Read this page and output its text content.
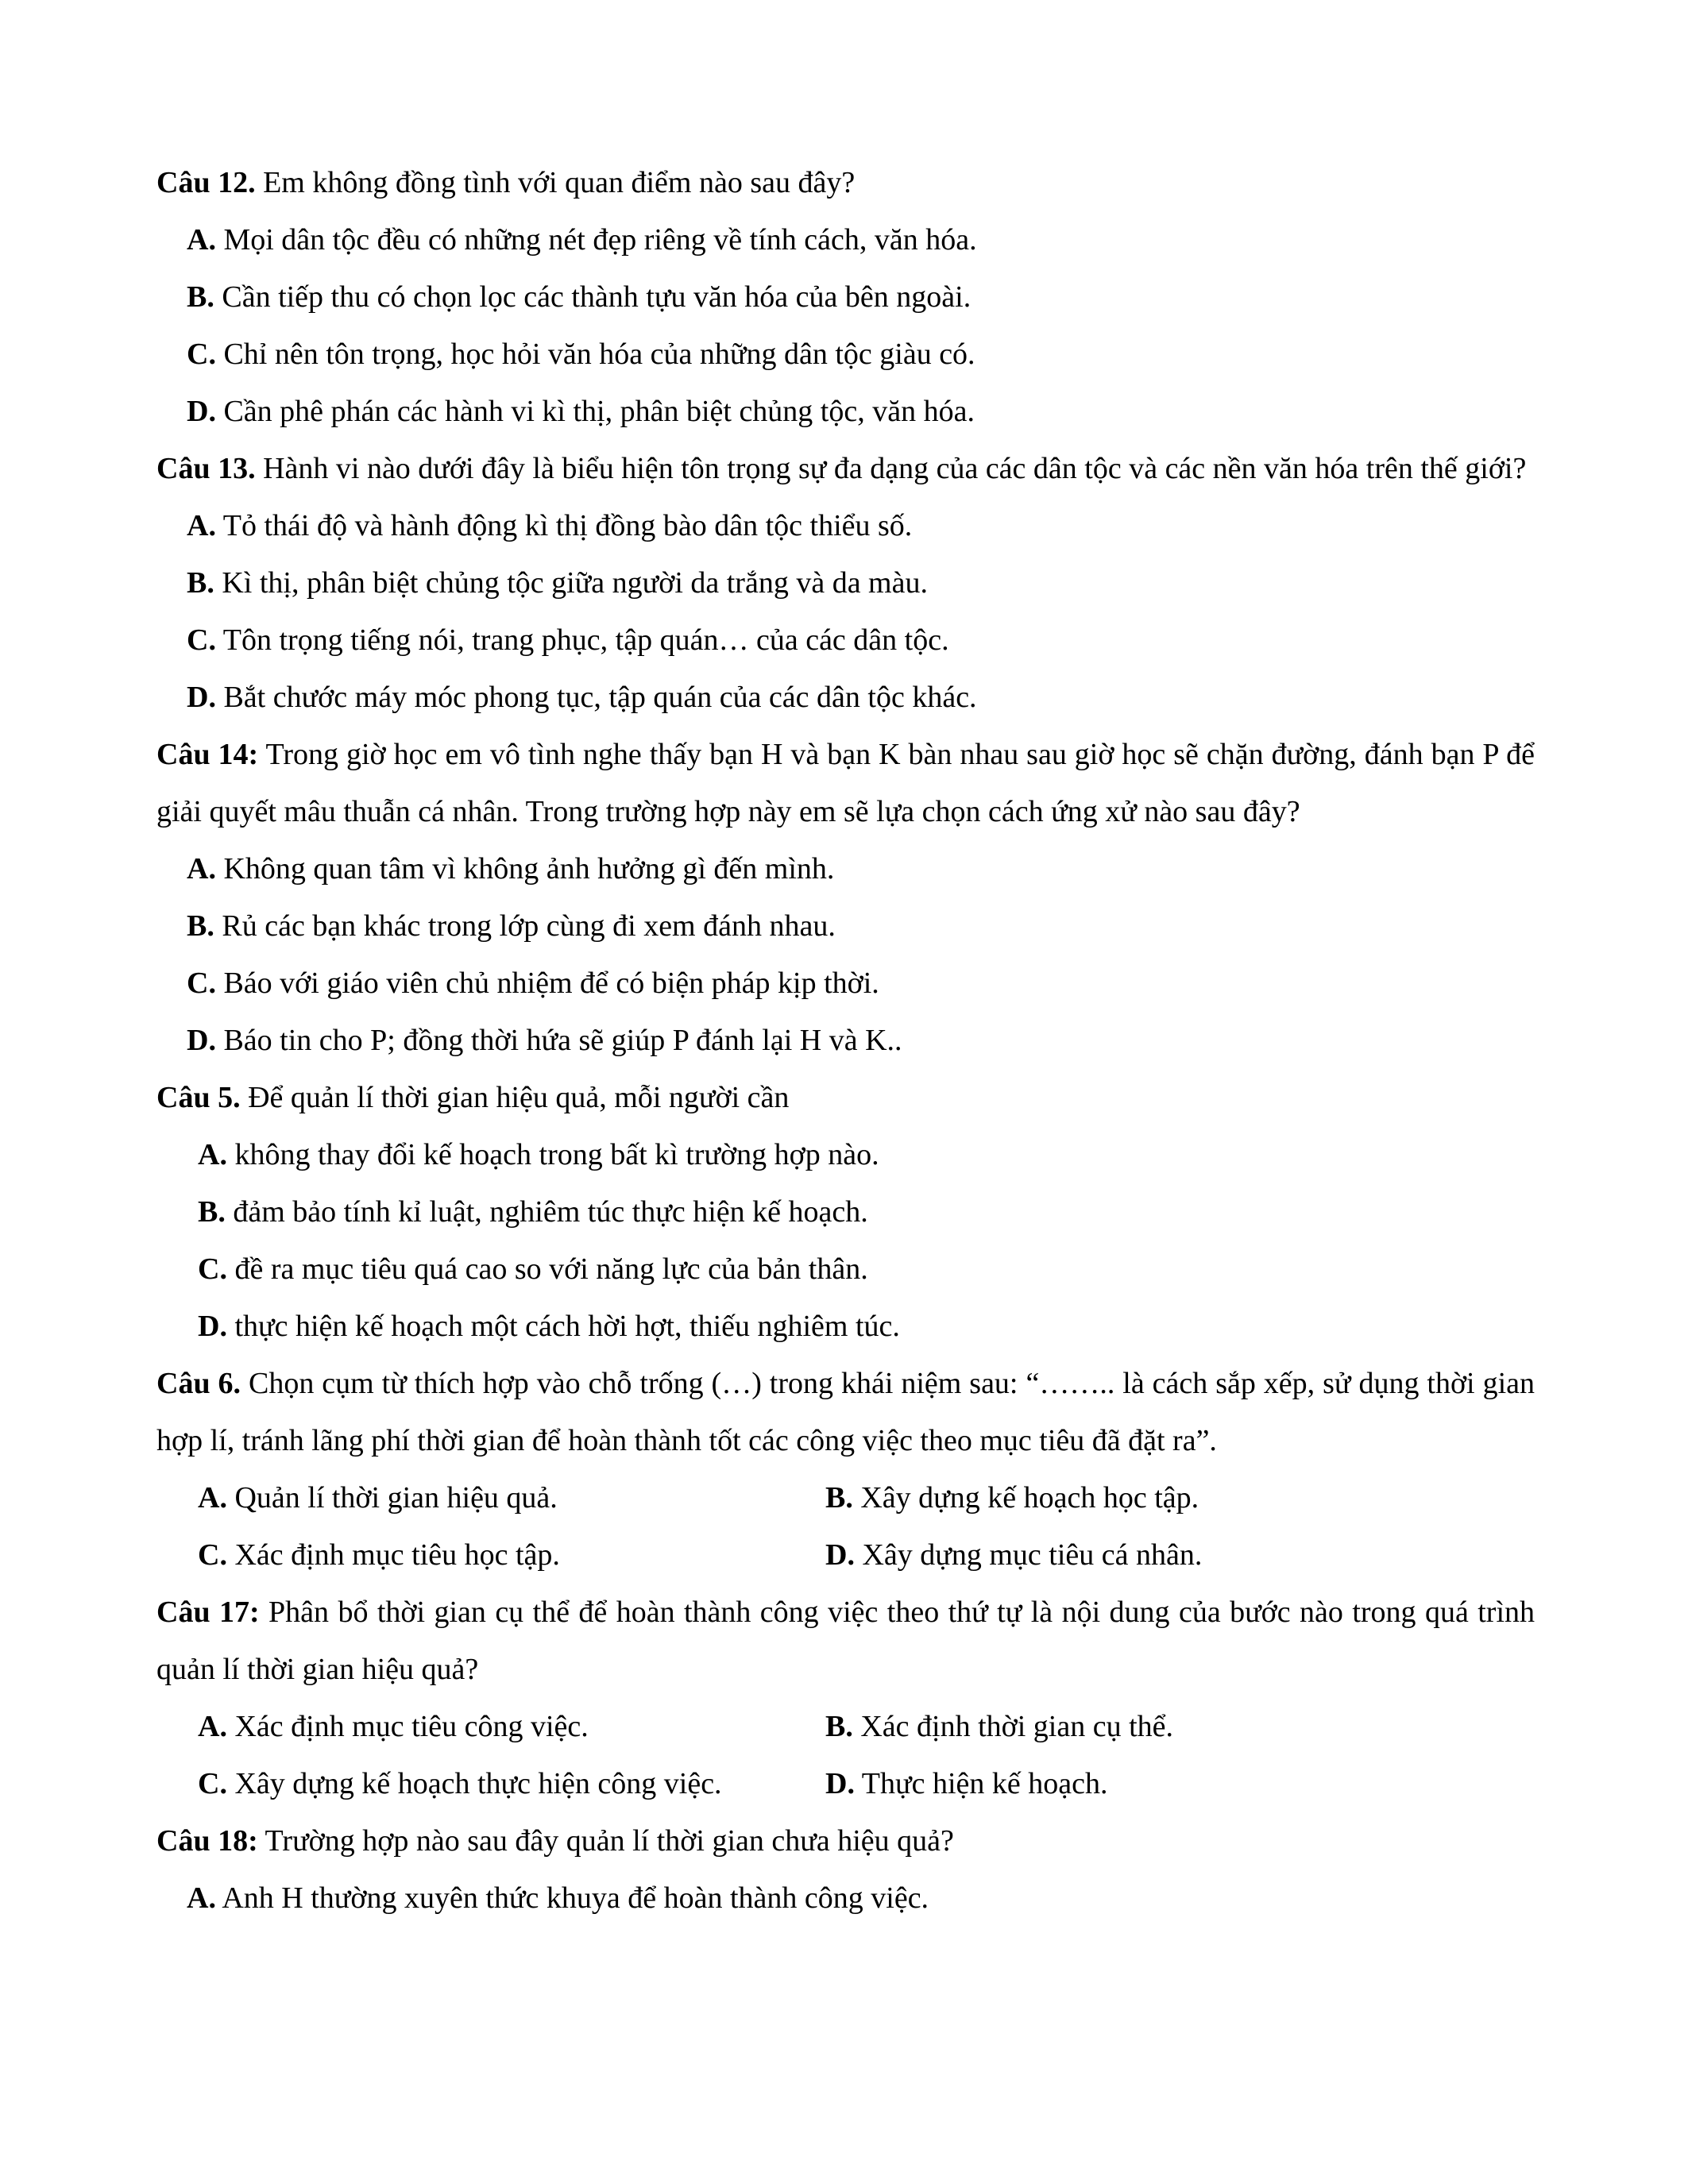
Câu 12. Em không đồng tình với quan điểm nào sau đây?

A. Mọi dân tộc đều có những nét đẹp riêng về tính cách, văn hóa.

B. Cần tiếp thu có chọn lọc các thành tựu văn hóa của bên ngoài.

C. Chỉ nên tôn trọng, học hỏi văn hóa của những dân tộc giàu có.

D. Cần phê phán các hành vi kì thị, phân biệt chủng tộc, văn hóa.

Câu 13. Hành vi nào dưới đây là biểu hiện tôn trọng sự đa dạng của các dân tộc và các nền văn hóa trên thế giới?

A. Tỏ thái độ và hành động kì thị đồng bào dân tộc thiểu số.

B. Kì thị, phân biệt chủng tộc giữa người da trắng và da màu.

C. Tôn trọng tiếng nói, trang phục, tập quán… của các dân tộc.

D. Bắt chước máy móc phong tục, tập quán của các dân tộc khác.

Câu 14: Trong giờ học em vô tình nghe thấy bạn H và bạn K bàn nhau sau giờ học sẽ chặn đường, đánh bạn P để giải quyết mâu thuẫn cá nhân. Trong trường hợp này em sẽ lựa chọn cách ứng xử nào sau đây?

A. Không quan tâm vì không ảnh hưởng gì đến mình.

B. Rủ các bạn khác trong lớp cùng đi xem đánh nhau.

C. Báo với giáo viên chủ nhiệm để có biện pháp kịp thời.

D. Báo tin cho P; đồng thời hứa sẽ giúp P đánh lại H và K..

Câu 5. Để quản lí thời gian hiệu quả, mỗi người cần

A. không thay đổi kế hoạch trong bất kì trường hợp nào.

B. đảm bảo tính kỉ luật, nghiêm túc thực hiện kế hoạch.

C. đề ra mục tiêu quá cao so với năng lực của bản thân.

D. thực hiện kế hoạch một cách hời hợt, thiếu nghiêm túc.

Câu 6. Chọn cụm từ thích hợp vào chỗ trống (…) trong khái niệm sau: “…….. là cách sắp xếp, sử dụng thời gian hợp lí, tránh lãng phí thời gian để hoàn thành tốt các công việc theo mục tiêu đã đặt ra”.

A. Quản lí thời gian hiệu quả.	B. Xây dựng kế hoạch học tập.

C. Xác định mục tiêu học tập.	D. Xây dựng mục tiêu cá nhân.

Câu 17: Phân bổ thời gian cụ thể để hoàn thành công việc theo thứ tự là nội dung của bước nào trong quá trình quản lí thời gian hiệu quả?

A. Xác định mục tiêu công việc.	B. Xác định thời gian cụ thể.

C. Xây dựng kế hoạch thực hiện công việc.	D. Thực hiện kế hoạch.

Câu 18: Trường hợp nào sau đây quản lí thời gian chưa hiệu quả?

A. Anh H thường xuyên thức khuya để hoàn thành công việc.
